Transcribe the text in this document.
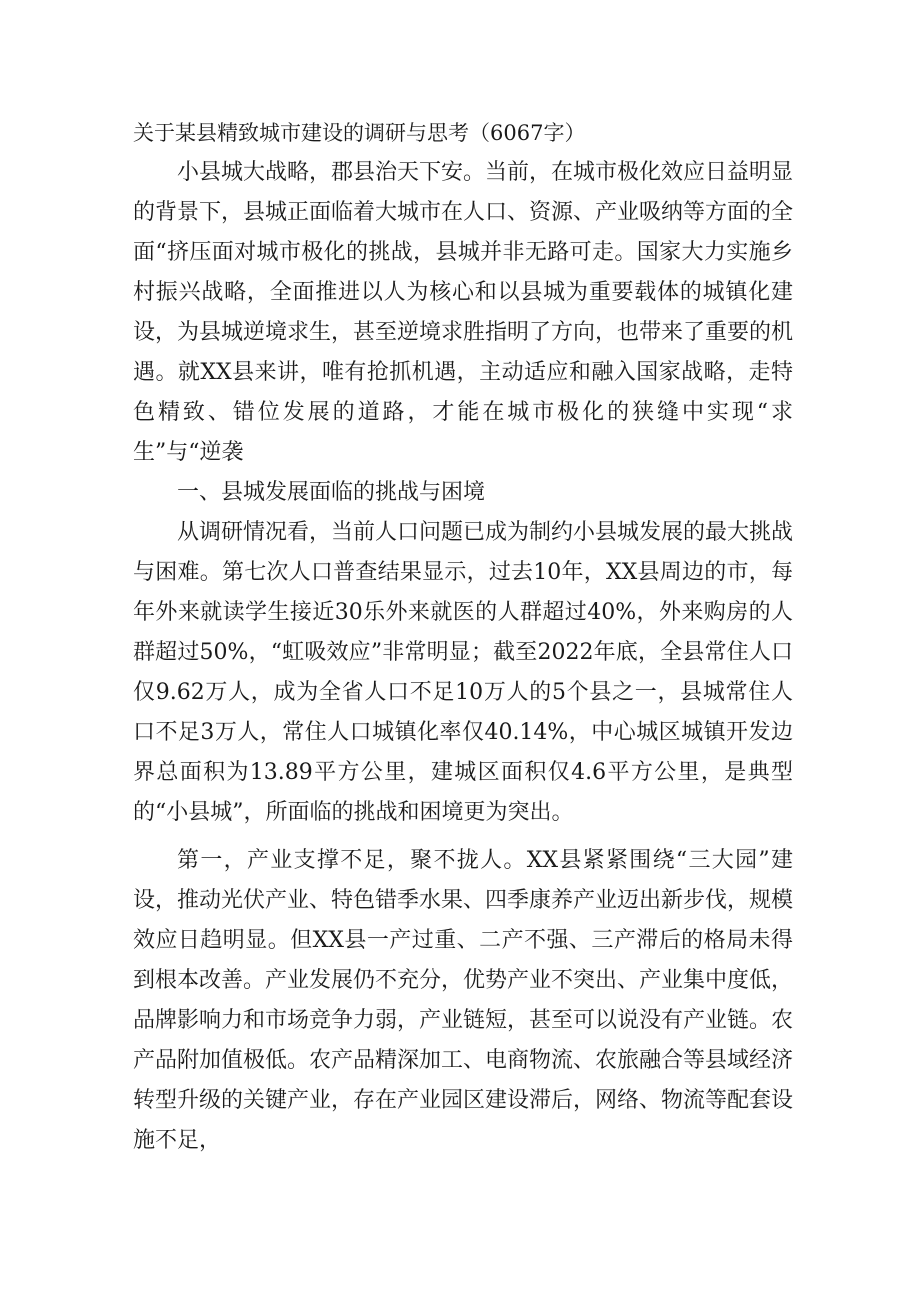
关于某县精致城市建设的调研与思考（6067字）

小县城大战略，郡县治天下安。当前，在城市极化效应日益明显的背景下，县城正面临着大城市在人口、资源、产业吸纳等方面的全面“挤压面对城市极化的挑战，县城并非无路可走。国家大力实施乡村振兴战略，全面推进以人为核心和以县城为重要载体的城镇化建设，为县城逆境求生，甚至逆境求胜指明了方向，也带来了重要的机遇。就XX县来讲，唯有抢抓机遇，主动适应和融入国家战略，走特色精致、错位发展的道路，才能在城市极化的狭缝中实现“求生”与“逆袭

一、县城发展面临的挑战与困境

从调研情况看，当前人口问题已成为制约小县城发展的最大挑战与困难。第七次人口普查结果显示，过去10年，XX县周边的市，每年外来就读学生接近30乐外来就医的人群超过40%，外来购房的人群超过50%，“虹吸效应”非常明显；截至2022年底，全县常住人口仅9.62万人，成为全省人口不足10万人的5个县之一，县城常住人口不足3万人，常住人口城镇化率仅40.14%，中心城区城镇开发边界总面积为13.89平方公里，建城区面积仅4.6平方公里，是典型的“小县城”，所面临的挑战和困境更为突出。

第一，产业支撑不足，聚不拢人。XX县紧紧围绕“三大园”建设，推动光伏产业、特色错季水果、四季康养产业迈出新步伐，规模效应日趋明显。但XX县一产过重、二产不强、三产滞后的格局未得到根本改善。产业发展仍不充分，优势产业不突出、产业集中度低，品牌影响力和市场竞争力弱，产业链短，甚至可以说没有产业链。农产品附加值极低。农产品精深加工、电商物流、农旅融合等县域经济转型升级的关键产业，存在产业园区建设滞后，网络、物流等配套设施不足，
